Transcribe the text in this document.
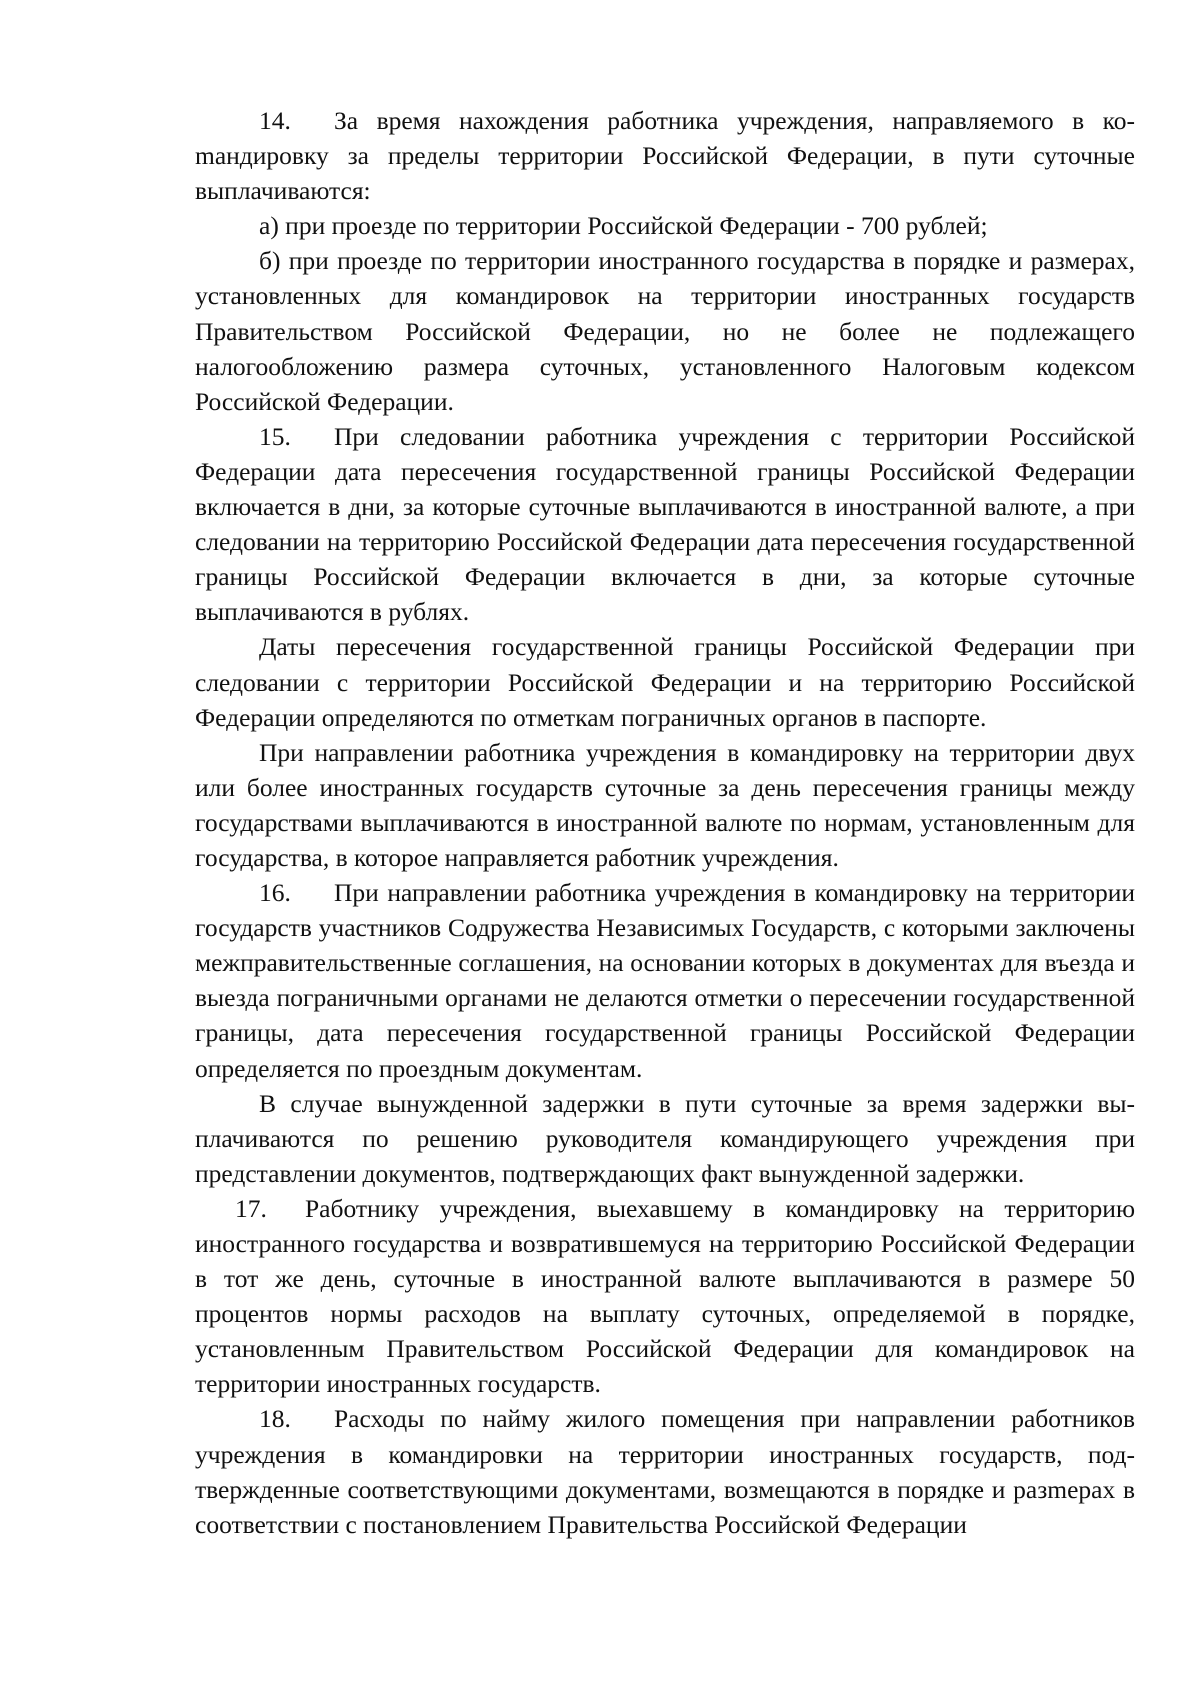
14. За время нахождения работника учреждения, направляемого в коmандировку за пределы территории Российской Федерации, в пути суточные выплачиваются:

а) при проезде по территории Российской Федерации - 700 рублей;

б) при проезде по территории иностранного государства в порядке и размерах, установленных для командировок на территории иностранных государств Правительством Российской Федерации, но не более не подлежащего налогообложению размера суточных, установленного Налоговым кодексом Российской Федерации.

15. При следовании работника учреждения с территории Российской Федерации дата пересечения государственной границы Российской Федерации включается в дни, за которые суточные выплачиваются в иностранной валюте, а при следовании на территорию Российской Федерации дата пересечения государственной границы Российской Федерации включается в дни, за которые суточные выплачиваются в рублях.

Даты пересечения государственной границы Российской Федерации при следовании с территории Российской Федерации и на территорию Российской Федерации определяются по отметкам пограничных органов в паспорте.

При направлении работника учреждения в командировку на территории двух или более иностранных государств суточные за день пересечения границы между государствами выплачиваются в иностранной валюте по нормам, установленным для государства, в которое направляется работник учреждения.

16. При направлении работника учреждения в командировку на территории государств участников Содружества Независимых Государств, с которыми заключены межправительственные соглашения, на основании которых в документах для въезда и выезда пограничными органами не делаются отметки о пересечении государственной границы, дата пересечения государственной границы Российской Федерации определяется по проездным документам.

В случае вынужденной задержки в пути суточные за время задержки выплачиваются по решению руководителя командирующего учреждения при представлении документов, подтверждающих факт вынужденной задержки.

17. Работнику учреждения, выехавшему в командировку на территорию иностранного государства и возвратившемуся на территорию Российской Федерации в тот же день, суточные в иностранной валюте выплачиваются в размере 50 процентов нормы расходов на выплату суточных, определяемой в порядке, установленным Правительством Российской Федерации для командировок на территории иностранных государств.

18. Расходы по найму жилого помещения при направлении работников учреждения в командировки на территории иностранных государств, подтвержденные соответствующими документами, возмещаются в порядке и разmерах в соответствии с постановлением Правительства Российской Федерации
